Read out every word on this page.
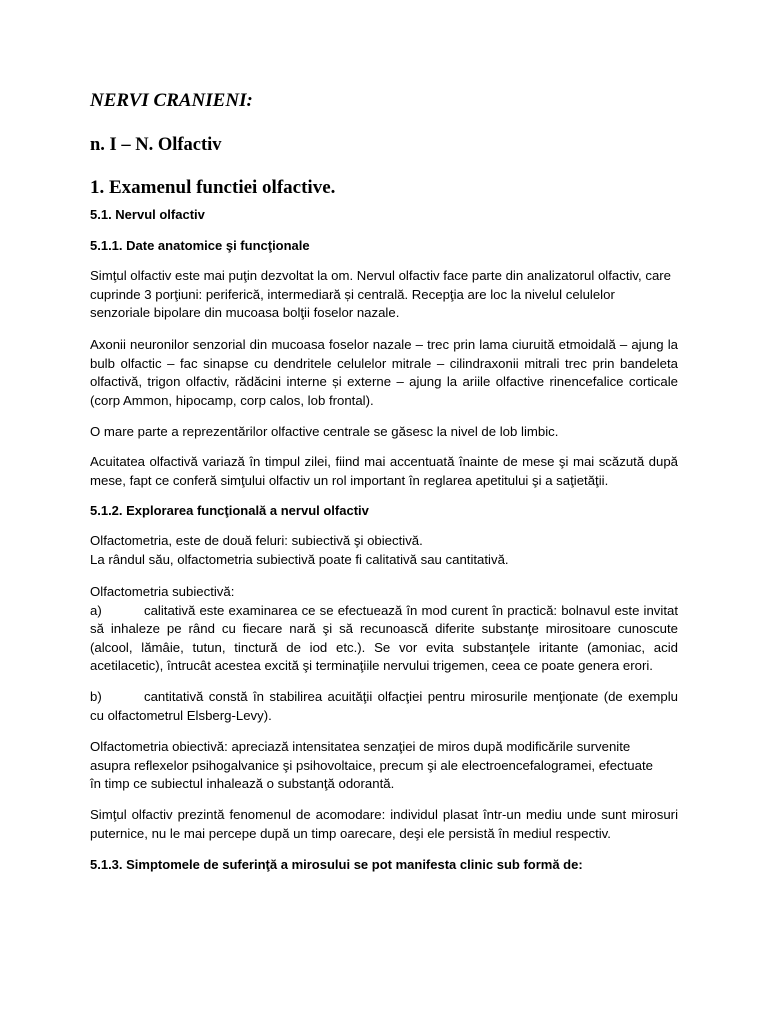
NERVI CRANIENI:
n. I – N. Olfactiv
1. Examenul functiei olfactive.
5.1. Nervul olfactiv
5.1.1. Date anatomice şi funcţionale

Simţul olfactiv este mai puţin dezvoltat la om. Nervul olfactiv face parte din analizatorul olfactiv, care cuprinde 3 porţiuni: periferică, intermediară și centrală. Recepţia are loc la nivelul celulelor senzoriale bipolare din mucoasa bolţii foselor nazale.

Axonii neuronilor senzorial din mucoasa foselor nazale – trec prin lama ciuruită etmoidală – ajung la bulb olfactic – fac sinapse cu dendritele celulelor mitrale – cilindraxonii mitrali trec prin bandeleta olfactivă, trigon olfactiv, rădăcini interne și externe – ajung la ariile olfactive rinencefalice corticale (corp Ammon, hipocamp, corp calos, lob frontal).

O mare parte a reprezentărilor olfactive centrale se găsesc la nivel de lob limbic.

Acuitatea olfactivă variază în timpul zilei, fiind mai accentuată înainte de mese şi mai scăzută după mese, fapt ce conferă simţului olfactiv un rol important în reglarea apetitului şi a saţietăţii.

5.1.2. Explorarea funcţională a nervul olfactiv

Olfactometria, este de două feluri: subiectivă şi obiectivă.
La rândul său, olfactometria subiectivă poate fi calitativă sau cantitativă.

Olfactometria subiectivă:
a)	calitativă este examinarea ce se efectuează în mod curent în practică: bolnavul este invitat să inhaleze pe rând cu fiecare nară şi să recunoască diferite substanţe mirositoare cunoscute (alcool, lămâie, tutun, tinctură de iod etc.). Se vor evita substanţele iritante (amoniac, acid acetilacetic), întrucât acestea excită şi terminaţiile nervului trigemen, ceea ce poate genera erori.
b)	cantitativă constă în stabilirea acuităţii olfacţiei pentru mirosurile menţionate (de exemplu cu olfactometrul Elsberg-Levy).

Olfactometria obiectivă: apreciază intensitatea senzaţiei de miros după modificările survenite
asupra reflexelor psihogalvanice şi psihovoltaice, precum şi ale electroencefalogramei, efectuate
în timp ce subiectul inhalează o substanţă odorantă.

Simţul olfactiv prezintă fenomenul de acomodare: individul plasat într-un mediu unde sunt mirosuri puternice, nu le mai percepe după un timp oarecare, deşi ele persistă în mediul respectiv.

5.1.3. Simptomele de suferinţă a mirosului se pot manifesta clinic sub formă de:
